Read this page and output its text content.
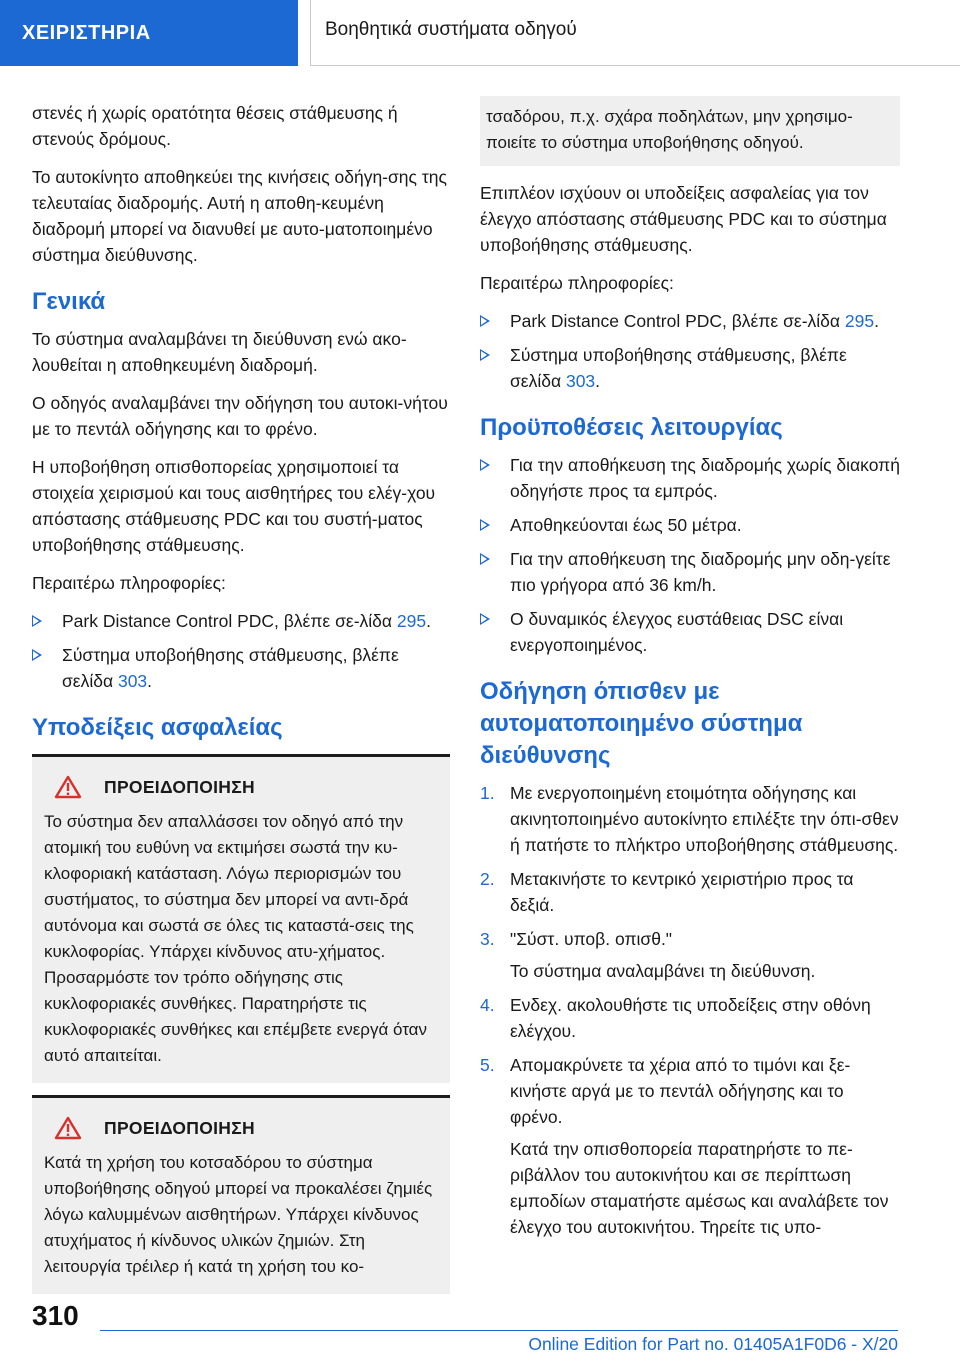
ΧΕΙΡΙΣΤΗΡΙΑ	Βοηθητικά συστήματα οδηγού

στενές ή χωρίς ορατότητα θέσεις στάθμευσης ή στενούς δρόμους.

Το αυτοκίνητο αποθηκεύει της κινήσεις οδήγη-σης της τελευταίας διαδρομής. Αυτή η αποθη-κευμένη διαδρομή μπορεί να διανυθεί με αυτο-ματοποιημένο σύστημα διεύθυνσης.

Γενικά

Το σύστημα αναλαμβάνει τη διεύθυνση ενώ ακο-λουθείται η αποθηκευμένη διαδρομή.

Ο οδηγός αναλαμβάνει την οδήγηση του αυτοκι-νήτου με το πεντάλ οδήγησης και το φρένο.

Η υποβοήθηση οπισθοπορείας χρησιμοποιεί τα στοιχεία χειρισμού και τους αισθητήρες του ελέγ-χου απόστασης στάθμευσης PDC και του συστή-ματος υποβοήθησης στάθμευσης.

Περαιτέρω πληροφορίες:

Park Distance Control PDC, βλέπε σε-λίδα 295.
Σύστημα υποβοήθησης στάθμευσης, βλέπε σελίδα 303.
Υποδείξεις ασφαλείας
ΠΡΟΕΙΔΟΠΟΙΗΣΗ

Το σύστημα δεν απαλλάσσει τον οδηγό από την ατομική του ευθύνη να εκτιμήσει σωστά την κυ-κλοφοριακή κατάσταση. Λόγω περιορισμών του συστήματος, το σύστημα δεν μπορεί να αντι-δρά αυτόνομα και σωστά σε όλες τις καταστά-σεις της κυκλοφορίας. Υπάρχει κίνδυνος ατυ-χήματος. Προσαρμόστε τον τρόπο οδήγησης στις κυκλοφοριακές συνθήκες. Παρατηρήστε τις κυκλοφοριακές συνθήκες και επέμβετε ενεργά όταν αυτό απαιτείται.

ΠΡΟΕΙΔΟΠΟΙΗΣΗ

Κατά τη χρήση του κοτσαδόρου το σύστημα υποβοήθησης οδηγού μπορεί να προκαλέσει ζημιές λόγω καλυμμένων αισθητήρων. Υπάρχει κίνδυνος ατυχήματος ή κίνδυνος υλικών ζημιών. Στη λειτουργία τρέιλερ ή κατά τη χρήση του κο-

τσαδόρου, π.χ. σχάρα ποδηλάτων, μην χρησιμο-ποιείτε το σύστημα υποβοήθησης οδηγού.

Επιπλέον ισχύουν οι υποδείξεις ασφαλείας για τον έλεγχο απόστασης στάθμευσης PDC και το σύστημα υποβοήθησης στάθμευσης.

Περαιτέρω πληροφορίες:

Park Distance Control PDC, βλέπε σε-λίδα 295.
Σύστημα υποβοήθησης στάθμευσης, βλέπε σελίδα 303.
Προϋποθέσεις λειτουργίας
Για την αποθήκευση της διαδρομής χωρίς διακοπή οδηγήστε προς τα εμπρός.
Αποθηκεύονται έως 50 μέτρα.
Για την αποθήκευση της διαδρομής μην οδη-γείτε πιο γρήγορα από 36 km/h.
Ο δυναμικός έλεγχος ευστάθειας DSC είναι ενεργοποιημένος.
Οδήγηση όπισθεν με αυτοματοποιημένο σύστημα διεύθυνσης
1. Με ενεργοποιημένη ετοιμότητα οδήγησης και ακινητοποιημένο αυτοκίνητο επιλέξτε την όπι-σθεν ή πατήστε το πλήκτρο υποβοήθησης στάθμευσης.
2. Μετακινήστε το κεντρικό χειριστήριο προς τα δεξιά.
3. "Σύστ. υποβ. οπισθ."
Το σύστημα αναλαμβάνει τη διεύθυνση.
4. Ενδεχ. ακολουθήστε τις υποδείξεις στην οθόνη ελέγχου.
5. Απομακρύνετε τα χέρια από το τιμόνι και ξε-κινήστε αργά με το πεντάλ οδήγησης και το φρένο.
Κατά την οπισθοπορεία παρατηρήστε το πε-ριβάλλον του αυτοκινήτου και σε περίπτωση εμποδίων σταματήστε αμέσως και αναλάβετε τον έλεγχο του αυτοκινήτου. Τηρείτε τις υπο-
310
Online Edition for Part no. 01405A1F0D6 - X/20
